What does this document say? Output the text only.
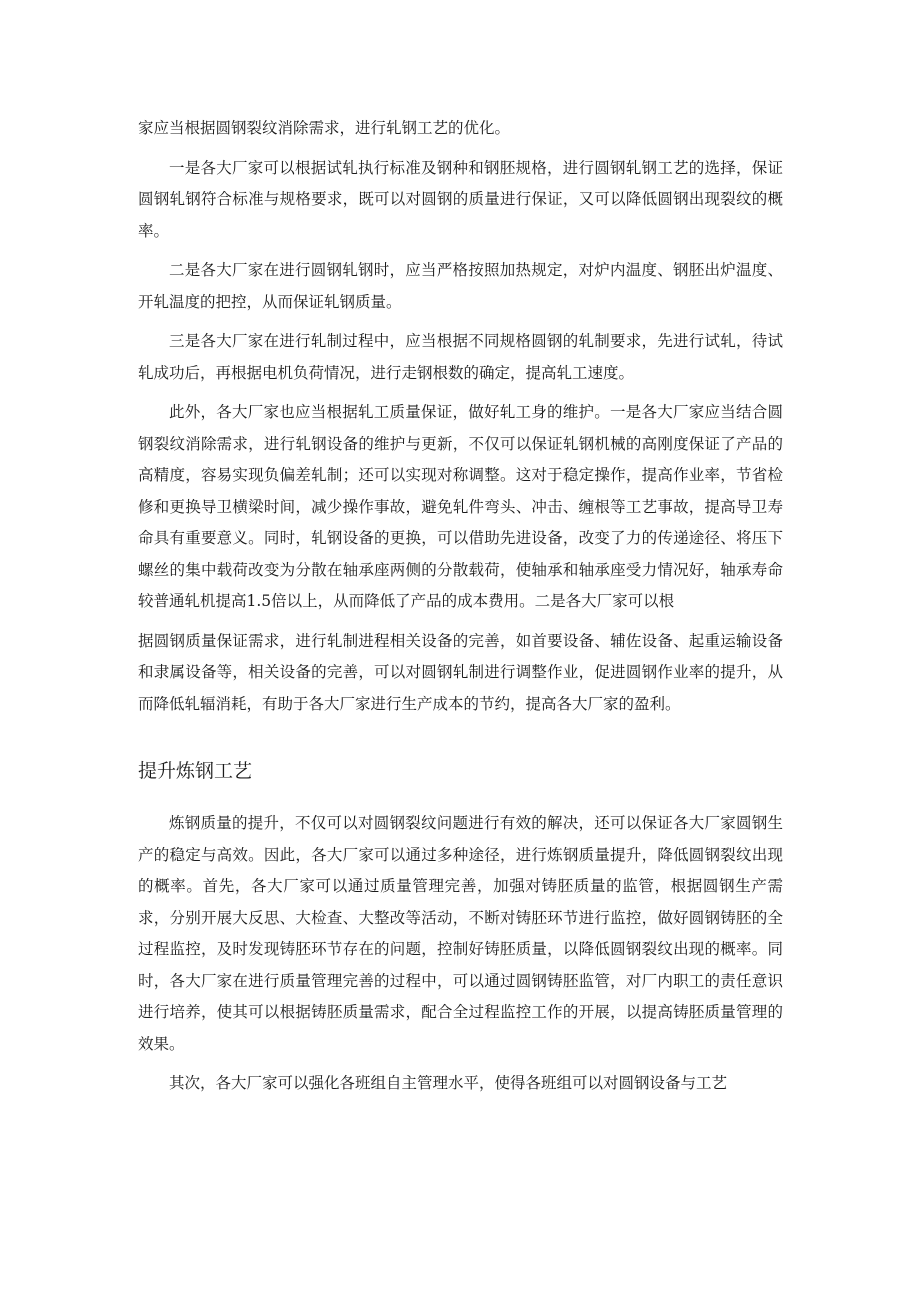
家应当根据圆钢裂纹消除需求，进行轧钢工艺的优化。

一是各大厂家可以根据试轧执行标准及钢种和钢胚规格，进行圆钢轧钢工艺的选择，保证圆钢轧钢符合标准与规格要求，既可以对圆钢的质量进行保证，又可以降低圆钢出现裂纹的概率。

二是各大厂家在进行圆钢轧钢时，应当严格按照加热规定，对炉内温度、钢胚出炉温度、开轧温度的把控，从而保证轧钢质量。

三是各大厂家在进行轧制过程中，应当根据不同规格圆钢的轧制要求，先进行试轧，待试轧成功后，再根据电机负荷情况，进行走钢根数的确定，提高轧工速度。

此外，各大厂家也应当根据轧工质量保证，做好轧工身的维护。一是各大厂家应当结合圆钢裂纹消除需求，进行轧钢设备的维护与更新，不仅可以保证轧钢机械的高刚度保证了产品的高精度，容易实现负偏差轧制；还可以实现对称调整。这对于稳定操作，提高作业率，节省检修和更换导卫横梁时间，减少操作事故，避免轧件弯头、冲击、缠根等工艺事故，提高导卫寿命具有重要意义。同时，轧钢设备的更换，可以借助先进设备，改变了力的传递途径、将压下螺丝的集中载荷改变为分散在轴承座两侧的分散载荷，使轴承和轴承座受力情况好，轴承寿命较普通轧机提高1.5倍以上，从而降低了产品的成本费用。二是各大厂家可以根

据圆钢质量保证需求，进行轧制进程相关设备的完善，如首要设备、辅佐设备、起重运输设备和隶属设备等，相关设备的完善，可以对圆钢轧制进行调整作业，促进圆钢作业率的提升，从而降低轧辐消耗，有助于各大厂家进行生产成本的节约，提高各大厂家的盈利。

提升炼钢工艺

炼钢质量的提升，不仅可以对圆钢裂纹问题进行有效的解决，还可以保证各大厂家圆钢生产的稳定与高效。因此，各大厂家可以通过多种途径，进行炼钢质量提升，降低圆钢裂纹出现的概率。首先，各大厂家可以通过质量管理完善，加强对铸胚质量的监管，根据圆钢生产需求，分别开展大反思、大检查、大整改等活动，不断对铸胚环节进行监控，做好圆钢铸胚的全过程监控，及时发现铸胚环节存在的问题，控制好铸胚质量，以降低圆钢裂纹出现的概率。同时，各大厂家在进行质量管理完善的过程中，可以通过圆钢铸胚监管，对厂内职工的责任意识进行培养，使其可以根据铸胚质量需求，配合全过程监控工作的开展，以提高铸胚质量管理的效果。

其次，各大厂家可以强化各班组自主管理水平，使得各班组可以对圆钢设备与工艺
